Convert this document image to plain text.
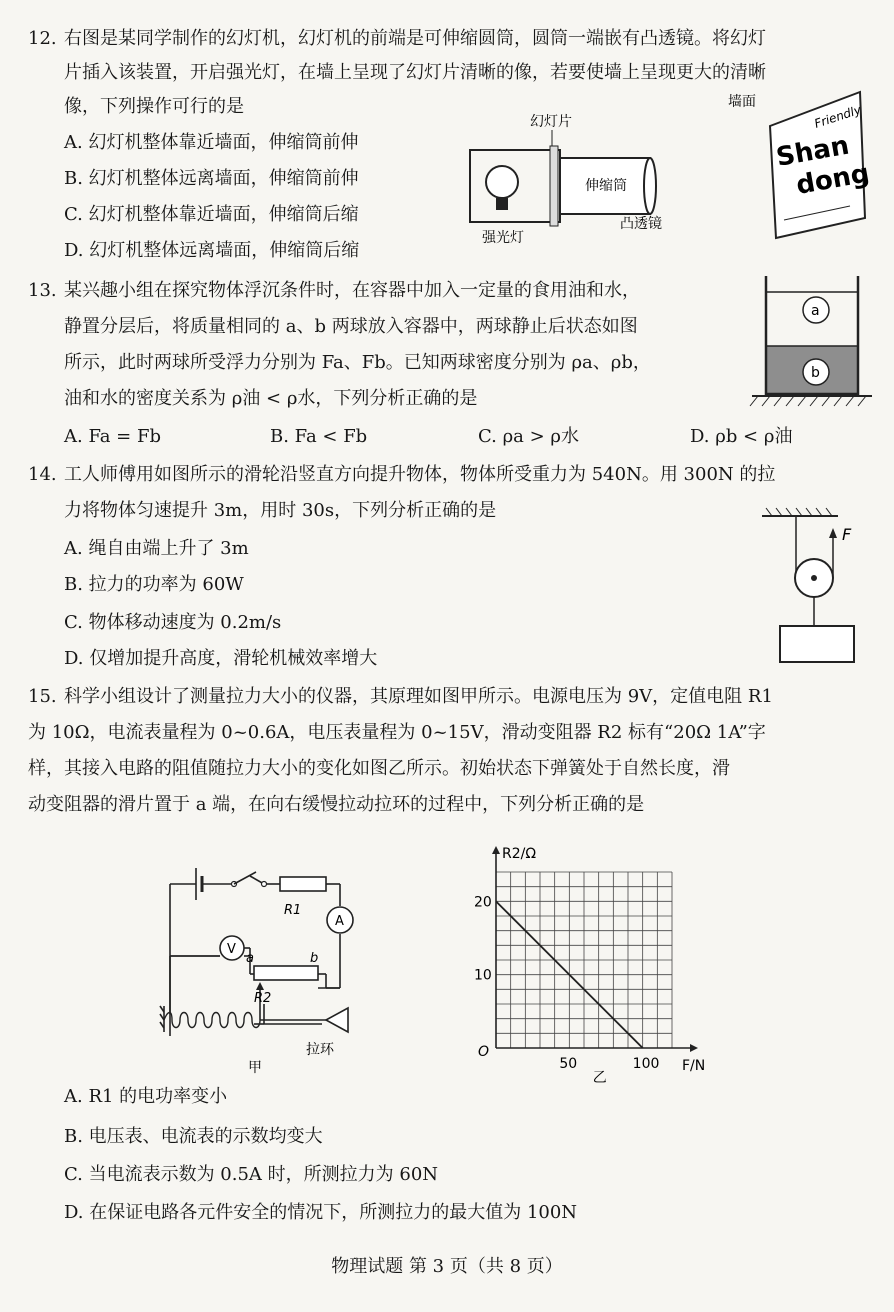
12. 右图是某同学制作的幻灯机，幻灯机的前端是可伸缩圆筒，圆筒一端嵌有凸透镜。将幻灯
片插入该装置，开启强光灯，在墙上呈现了幻灯片清晰的像，若要使墙上呈现更大的清晰
像，下列操作可行的是
A. 幻灯机整体靠近墙面，伸缩筒前伸
B. 幻灯机整体远离墙面，伸缩筒前伸
C. 幻灯机整体靠近墙面，伸缩筒后缩
D. 幻灯机整体远离墙面，伸缩筒后缩
幻灯片
伸缩筒
强光灯
凸透镜
墙面
Friendly
Shan
dong
13. 某兴趣小组在探究物体浮沉条件时，在容器中加入一定量的食用油和水，
静置分层后，将质量相同的 a、b 两球放入容器中，两球静止后状态如图
所示，此时两球所受浮力分别为 Fa、Fb。已知两球密度分别为 ρa、ρb，
油和水的密度关系为 ρ油 < ρ水，下列分析正确的是
A. Fa = Fb	B. Fa < Fb	C. ρa > ρ水	D. ρb < ρ油
a
b
14. 工人师傅用如图所示的滑轮沿竖直方向提升物体，物体所受重力为 540N。用 300N 的拉
力将物体匀速提升 3m，用时 30s，下列分析正确的是
A. 绳自由端上升了 3m
B. 拉力的功率为 60W
C. 物体移动速度为 0.2m/s
D. 仅增加提升高度，滑轮机械效率增大
F
15. 科学小组设计了测量拉力大小的仪器，其原理如图甲所示。电源电压为 9V，定值电阻 R1
为 10Ω，电流表量程为 0~0.6A，电压表量程为 0~15V，滑动变阻器 R2 标有“20Ω 1A”字
样，其接入电路的阻值随拉力大小的变化如图乙所示。初始状态下弹簧处于自然长度，滑
动变阻器的滑片置于 a 端，在向右缓慢拉动拉环的过程中，下列分析正确的是
R1
A
V
a	b
R2
拉环
甲	50	100
10
20
R2/Ω
F/N
O
乙
A. R1 的电功率变小
B. 电压表、电流表的示数均变大
C. 当电流表示数为 0.5A 时，所测拉力为 60N
D. 在保证电路各元件安全的情况下，所测拉力的最大值为 100N
物理试题 第 3 页（共 8 页）
